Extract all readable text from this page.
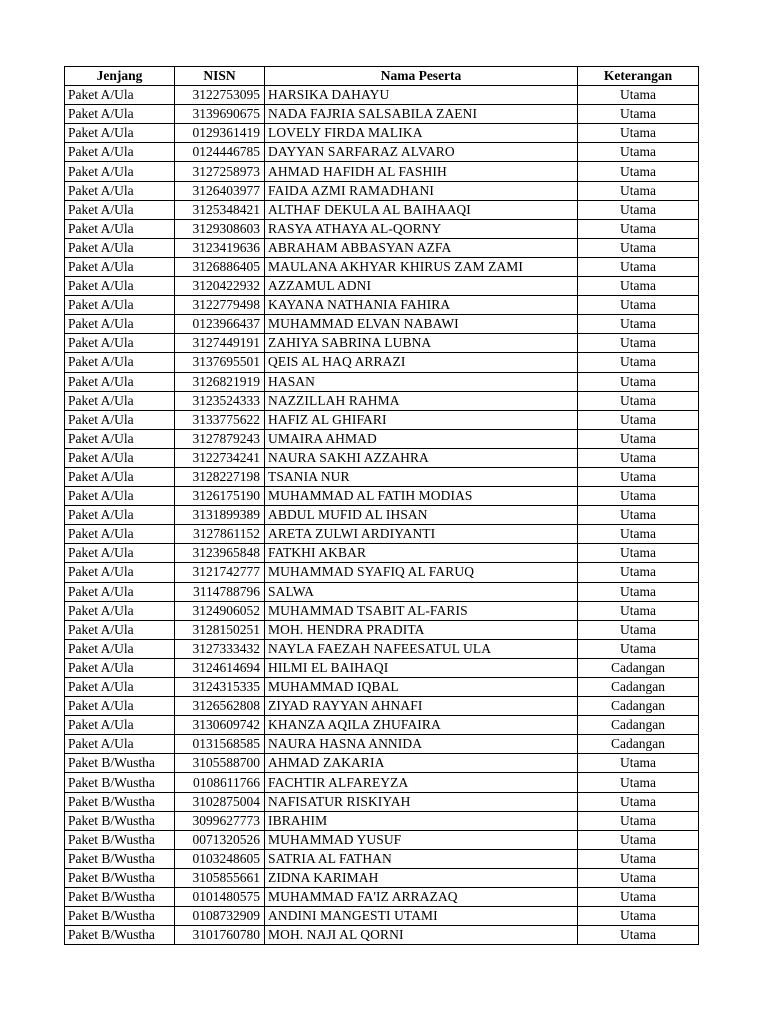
Jenjang	NISN	Nama Peserta	Keterangan
Paket A/Ula	3122753095	HARSIKA DAHAYU	Utama
Paket A/Ula	3139690675	NADA FAJRIA SALSABILA ZAENI	Utama
Paket A/Ula	0129361419	LOVELY FIRDA MALIKA	Utama
Paket A/Ula	0124446785	DAYYAN SARFARAZ ALVARO	Utama
Paket A/Ula	3127258973	AHMAD HAFIDH AL FASHIH	Utama
Paket A/Ula	3126403977	FAIDA AZMI RAMADHANI	Utama
Paket A/Ula	3125348421	ALTHAF DEKULA AL BAIHAAQI	Utama
Paket A/Ula	3129308603	RASYA ATHAYA AL-QORNY	Utama
Paket A/Ula	3123419636	ABRAHAM ABBASYAN AZFA	Utama
Paket A/Ula	3126886405	MAULANA AKHYAR KHIRUS ZAM ZAMI	Utama
Paket A/Ula	3120422932	AZZAMUL ADNI	Utama
Paket A/Ula	3122779498	KAYANA NATHANIA FAHIRA	Utama
Paket A/Ula	0123966437	MUHAMMAD ELVAN NABAWI	Utama
Paket A/Ula	3127449191	ZAHIYA SABRINA LUBNA	Utama
Paket A/Ula	3137695501	QEIS AL HAQ ARRAZI	Utama
Paket A/Ula	3126821919	HASAN	Utama
Paket A/Ula	3123524333	NAZZILLAH RAHMA	Utama
Paket A/Ula	3133775622	HAFIZ AL GHIFARI	Utama
Paket A/Ula	3127879243	UMAIRA AHMAD	Utama
Paket A/Ula	3122734241	NAURA SAKHI AZZAHRA	Utama
Paket A/Ula	3128227198	TSANIA NUR	Utama
Paket A/Ula	3126175190	MUHAMMAD AL FATIH MODIAS	Utama
Paket A/Ula	3131899389	ABDUL MUFID AL IHSAN	Utama
Paket A/Ula	3127861152	ARETA ZULWI ARDIYANTI	Utama
Paket A/Ula	3123965848	FATKHI AKBAR	Utama
Paket A/Ula	3121742777	MUHAMMAD SYAFIQ AL FARUQ	Utama
Paket A/Ula	3114788796	SALWA	Utama
Paket A/Ula	3124906052	MUHAMMAD TSABIT AL-FARIS	Utama
Paket A/Ula	3128150251	MOH. HENDRA PRADITA	Utama
Paket A/Ula	3127333432	NAYLA FAEZAH NAFEESATUL ULA	Utama
Paket A/Ula	3124614694	HILMI EL BAIHAQI	Cadangan
Paket A/Ula	3124315335	MUHAMMAD IQBAL	Cadangan
Paket A/Ula	3126562808	ZIYAD RAYYAN AHNAFI	Cadangan
Paket A/Ula	3130609742	KHANZA AQILA ZHUFAIRA	Cadangan
Paket A/Ula	0131568585	NAURA HASNA ANNIDA	Cadangan
Paket B/Wustha	3105588700	AHMAD ZAKARIA	Utama
Paket B/Wustha	0108611766	FACHTIR ALFAREYZA	Utama
Paket B/Wustha	3102875004	NAFISATUR RISKIYAH	Utama
Paket B/Wustha	3099627773	IBRAHIM	Utama
Paket B/Wustha	0071320526	MUHAMMAD YUSUF	Utama
Paket B/Wustha	0103248605	SATRIA AL FATHAN	Utama
Paket B/Wustha	3105855661	ZIDNA KARIMAH	Utama
Paket B/Wustha	0101480575	MUHAMMAD FA'IZ ARRAZAQ	Utama
Paket B/Wustha	0108732909	ANDINI MANGESTI UTAMI	Utama
Paket B/Wustha	3101760780	MOH. NAJI AL QORNI	Utama
